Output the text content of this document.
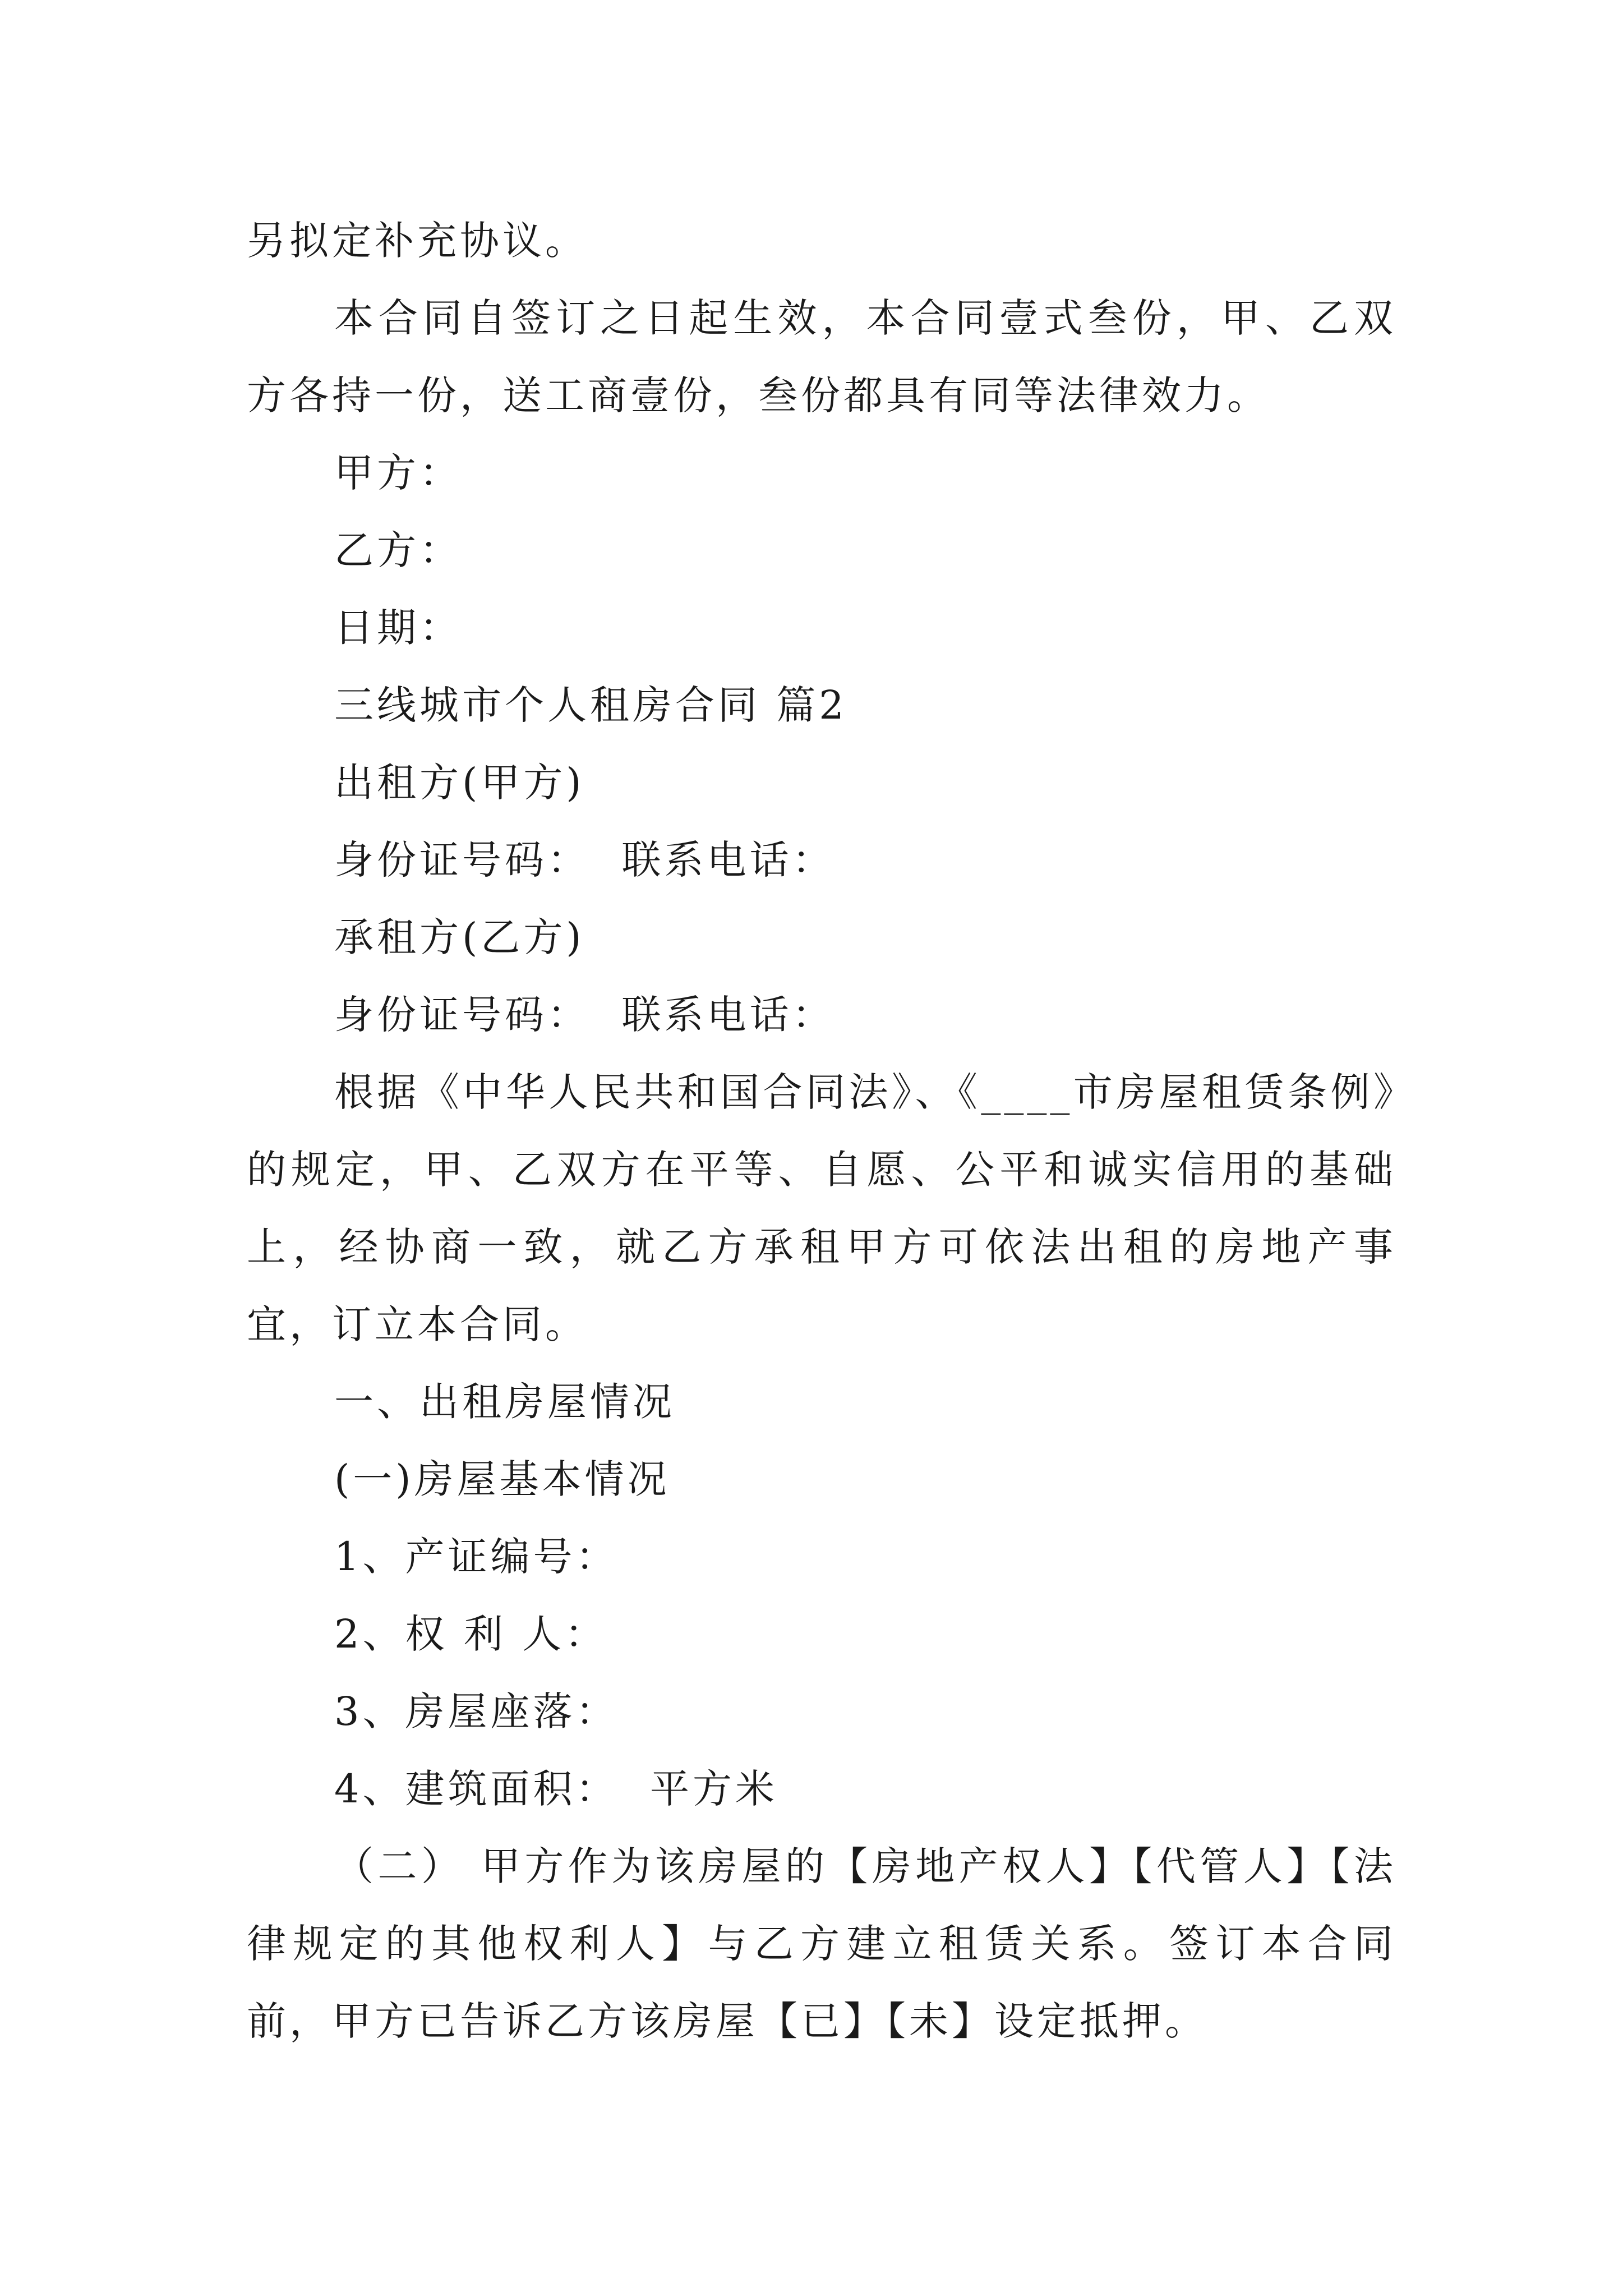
另拟定补充协议。

本合同自签订之日起生效，本合同壹式叁份，甲、乙双方各持一份，送工商壹份，叁份都具有同等法律效力。

甲方：

乙方：

日期：

三线城市个人租房合同 篇2

出租方(甲方)

身份证号码：  联系电话：

承租方(乙方)

身份证号码：  联系电话：

根据《中华人民共和国合同法》、《____市房屋租赁条例》的规定，甲、乙双方在平等、自愿、公平和诚实信用的基础上，经协商一致，就乙方承租甲方可依法出租的房地产事宜，订立本合同。

一、出租房屋情况

(一)房屋基本情况

1、产证编号：

2、权 利 人：

3、房屋座落：

4、建筑面积：  平方米

（二） 甲方作为该房屋的【房地产权人】【代管人】【法律规定的其他权利人】与乙方建立租赁关系。签订本合同前，甲方已告诉乙方该房屋【已】【未】设定抵押。
